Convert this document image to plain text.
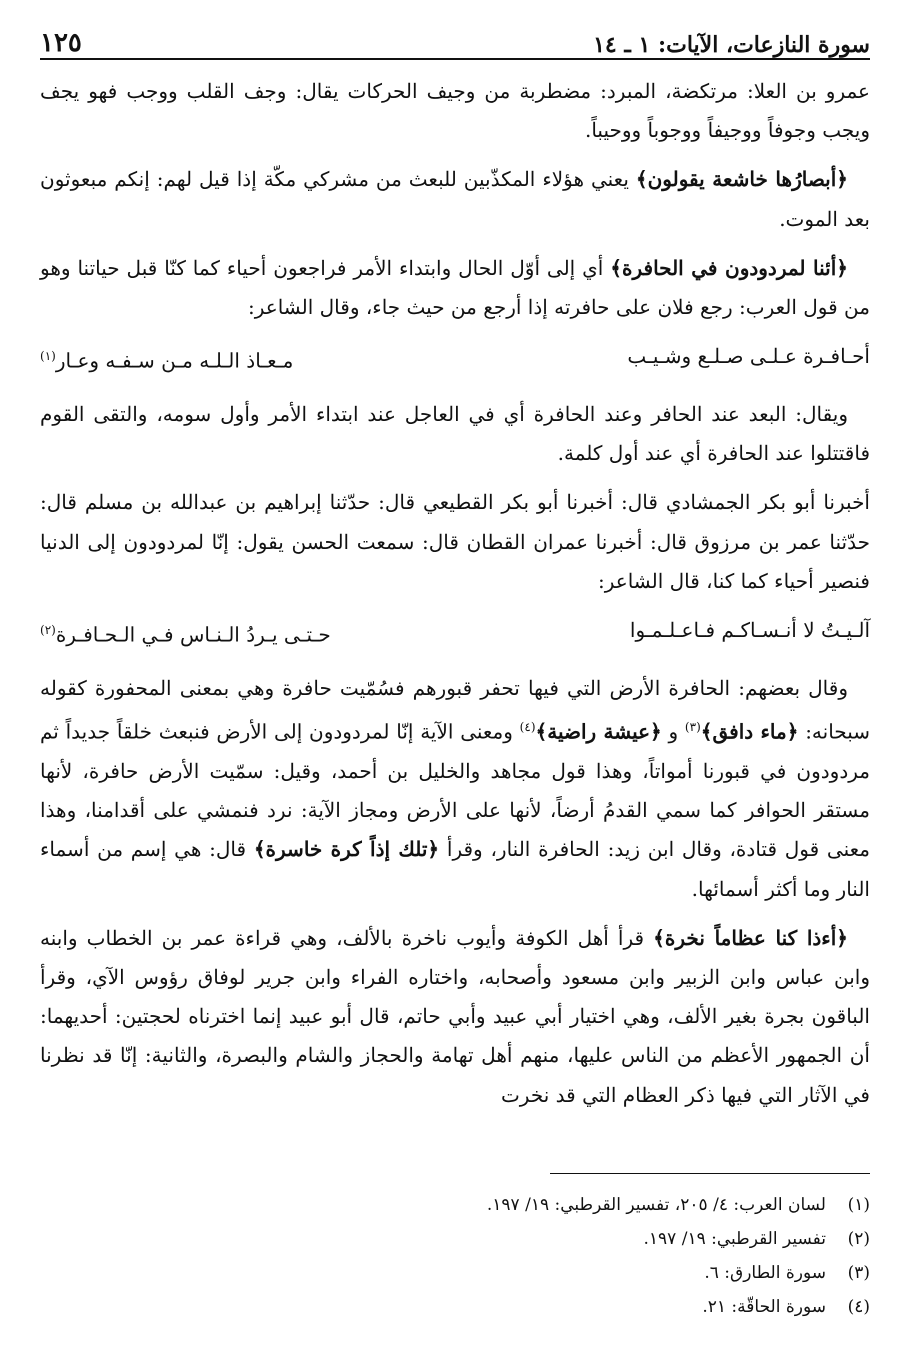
سورة النازعات، الآيات: ١ ـ ١٤
١٢٥

عمرو بن العلا: مرتكضة، المبرد: مضطربة من وجيف الحركات يقال: وجف القلب ووجب فهو يجف ويجب وجوفاً ووجيفاً ووجوباً ووحيباً.

﴿أبصارُها خاشعة يقولون﴾ يعني هؤلاء المكذّبين للبعث من مشركي مكّة إذا قيل لهم: إنكم مبعوثون بعد الموت.

﴿أئنا لمردودون في الحافرة﴾ أي إلى أوّل الحال وابتداء الأمر فراجعون أحياء كما كنّا قبل حياتنا وهو من قول العرب: رجع فلان على حافرته إذا أرجع من حيث جاء، وقال الشاعر:

أحـافـرة عـلـى صـلـع وشـيـب
مـعـاذ الـلـه مـن سـفـه وعـار$^{(١)}$

ويقال: البعد عند الحافر وعند الحافرة أي في العاجل عند ابتداء الأمر وأول سومه، والتقى القوم فاقتتلوا عند الحافرة أي عند أول كلمة.

أخبرنا أبو بكر الجمشادي قال: أخبرنا أبو بكر القطيعي قال: حدّثنا إبراهيم بن عبدالله بن مسلم قال: حدّثنا عمر بن مرزوق قال: أخبرنا عمران القطان قال: سمعت الحسن يقول: إنّا لمردودون إلى الدنيا فنصير أحياء كما كنا، قال الشاعر:

آلـيـتُ لا أنـسـاكـم فـاعـلـمـوا
حـتـى يـردُ الـنـاس فـي الـحـافـرة$^{(٢)}$

وقال بعضهم: الحافرة الأرض التي فيها تحفر قبورهم فسُمّيت حافرة وهي بمعنى المحفورة كقوله سبحانه: ﴿ماء دافق﴾$^{(٣)}$ و ﴿عيشة راضية﴾$^{(٤)}$ ومعنى الآية إنّا لمردودون إلى الأرض فنبعث خلقاً جديداً ثم مردودون في قبورنا أمواتاً، وهذا قول مجاهد والخليل بن أحمد، وقيل: سمّيت الأرض حافرة، لأنها مستقر الحوافر كما سمي القدمُ أرضاً، لأنها على الأرض ومجاز الآية: نرد فنمشي على أقدامنا، وهذا معنى قول قتادة، وقال ابن زيد: الحافرة النار، وقرأ ﴿تلك إذاً كرة خاسرة﴾ قال: هي إسم من أسماء النار وما أكثر أسمائها.

﴿أءذا كنا عظاماً نخرة﴾ قرأ أهل الكوفة وأيوب ناخرة بالألف، وهي قراءة عمر بن الخطاب وابنه وابن عباس وابن الزبير وابن مسعود وأصحابه، واختاره الفراء وابن جرير لوفاق رؤوس الآي، وقرأ الباقون بجرة بغير الألف، وهي اختيار أبي عبيد وأبي حاتم، قال أبو عبيد إنما اخترناه لحجتين: أحديهما: أن الجمهور الأعظم من الناس عليها، منهم أهل تهامة والحجاز والشام والبصرة، والثانية: إنّا قد نظرنا في الآثار التي فيها ذكر العظام التي قد نخرت

(١)
لسان العرب: ٤/ ٢٠٥، تفسير القرطبي: ١٩/ ١٩٧.
(٢)
تفسير القرطبي: ١٩/ ١٩٧.
(٣)
سورة الطارق: ٦.
(٤)
سورة الحاقّة: ٢١.
